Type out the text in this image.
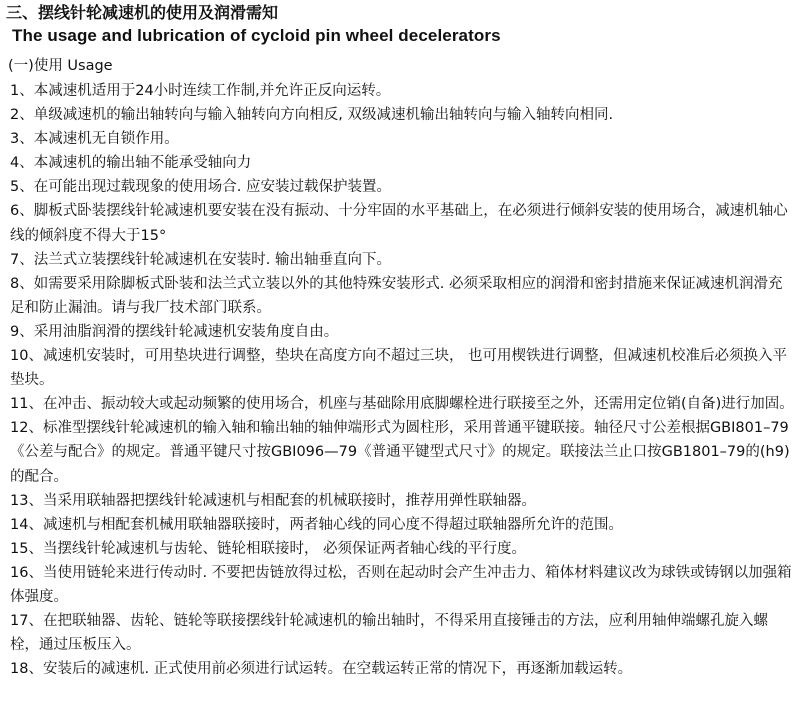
三、摆线针轮减速机的使用及润滑需知
The usage and lubrication of cycloid pin wheel decelerators
(一)使用 Usage

1、本减速机适用于24小时连续工作制,并允许正反向运转。

2、单级减速机的输出轴转向与输入轴转向方向相反, 双级减速机输出轴转向与输入轴转向相同.

3、本减速机无自锁作用。

4、本减速机的输出轴不能承受轴向力

5、在可能出现过载现象的使用场合. 应安装过载保护装置。

6、脚板式卧装摆线针轮减速机要安装在没有振动、十分牢固的水平基础上，在必须进行倾斜安装的使用场合，减速机轴心线的倾斜度不得大于15°

7、法兰式立装摆线针轮减速机在安装时. 输出轴垂直向下。

8、如需要采用除脚板式卧装和法兰式立装以外的其他特殊安装形式. 必须采取相应的润滑和密封措施来保证减速机润滑充足和防止漏油。请与我厂技术部门联系。

9、采用油脂润滑的摆线针轮减速机安装角度自由。

10、减速机安装时，可用垫块进行调整，垫块在高度方向不超过三块， 也可用楔铁进行调整，但减速机校准后必须换入平垫块。

11、在冲击、振动较大或起动频繁的使用场合，机座与基础除用底脚螺栓进行联接至之外，还需用定位销(自备)进行加固。

12、标准型摆线针轮减速机的输入轴和输出轴的轴伸端形式为圆柱形，采用普通平键联接。轴径尺寸公差根据GBI801–79《公差与配合》的规定。普通平键尺寸按GBI096—79《普通平键型式尺寸》的规定。联接法兰止口按GB1801–79的(h9)的配合。

13、当采用联轴器把摆线针轮减速机与相配套的机械联接时，推荐用弹性联轴器。

14、减速机与相配套机械用联轴器联接时，两者轴心线的同心度不得超过联轴器所允许的范围。

15、当摆线针轮减速机与齿轮、链轮相联接时， 必须保证两者轴心线的平行度。

16、当使用链轮来进行传动时. 不要把齿链放得过松，否则在起动时会产生冲击力、箱体材料建议改为球铁或铸钢以加强箱体强度。

17、在把联轴器、齿轮、链轮等联接摆线针轮减速机的输出轴时，不得采用直接锤击的方法，应利用轴伸端螺孔旋入螺栓，通过压板压入。

18、安装后的减速机. 正式使用前必须进行试运转。在空载运转正常的情况下，再逐渐加载运转。
